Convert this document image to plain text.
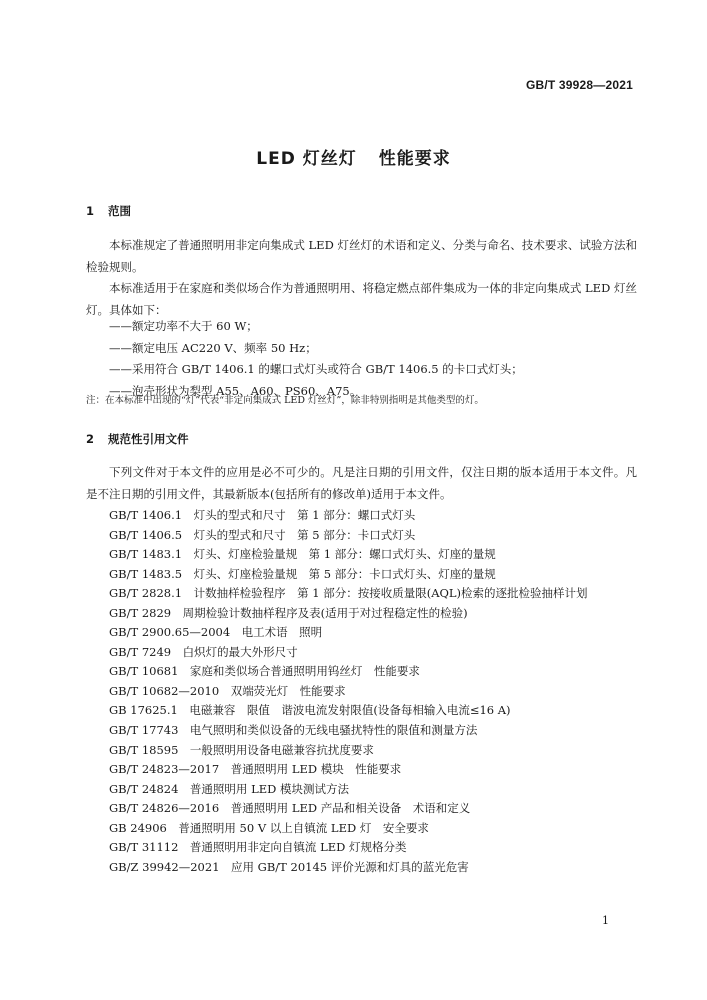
GB/T 39928—2021
LED 灯丝灯 性能要求
1 范围

本标准规定了普通照明用非定向集成式 LED 灯丝灯的术语和定义、分类与命名、技术要求、试验方法和检验规则。

本标准适用于在家庭和类似场合作为普通照明用、将稳定燃点部件集成为一体的非定向集成式 LED 灯丝灯。具体如下：

——额定功率不大于 60 W；
——额定电压 AC220 V、频率 50 Hz；
——采用符合 GB/T 1406.1 的螺口式灯头或符合 GB/T 1406.5 的卡口式灯头；
——泡壳形状为梨型 A55、A60、PS60、A75。
注：在本标准中出现的“灯”代表“非定向集成式 LED 灯丝灯”，除非特别指明是其他类型的灯。
2 规范性引用文件

下列文件对于本文件的应用是必不可少的。凡是注日期的引用文件，仅注日期的版本适用于本文件。凡是不注日期的引用文件，其最新版本(包括所有的修改单)适用于本文件。

GB/T 1406.1　灯头的型式和尺寸　第 1 部分：螺口式灯头
GB/T 1406.5　灯头的型式和尺寸　第 5 部分：卡口式灯头
GB/T 1483.1　灯头、灯座检验量规　第 1 部分：螺口式灯头、灯座的量规
GB/T 1483.5　灯头、灯座检验量规　第 5 部分：卡口式灯头、灯座的量规
GB/T 2828.1　计数抽样检验程序　第 1 部分：按接收质量限(AQL)检索的逐批检验抽样计划
GB/T 2829　周期检验计数抽样程序及表(适用于对过程稳定性的检验)
GB/T 2900.65—2004　电工术语　照明
GB/T 7249　白炽灯的最大外形尺寸
GB/T 10681　家庭和类似场合普通照明用钨丝灯　性能要求
GB/T 10682—2010　双端荧光灯　性能要求
GB 17625.1　电磁兼容　限值　谐波电流发射限值(设备每相输入电流≤16 A)
GB/T 17743　电气照明和类似设备的无线电骚扰特性的限值和测量方法
GB/T 18595　一般照明用设备电磁兼容抗扰度要求
GB/T 24823—2017　普通照明用 LED 模块　性能要求
GB/T 24824　普通照明用 LED 模块测试方法
GB/T 24826—2016　普通照明用 LED 产品和相关设备　术语和定义
GB 24906　普通照明用 50 V 以上自镇流 LED 灯　安全要求
GB/T 31112　普通照明用非定向自镇流 LED 灯规格分类
GB/Z 39942—2021　应用 GB/T 20145 评价光源和灯具的蓝光危害
1
